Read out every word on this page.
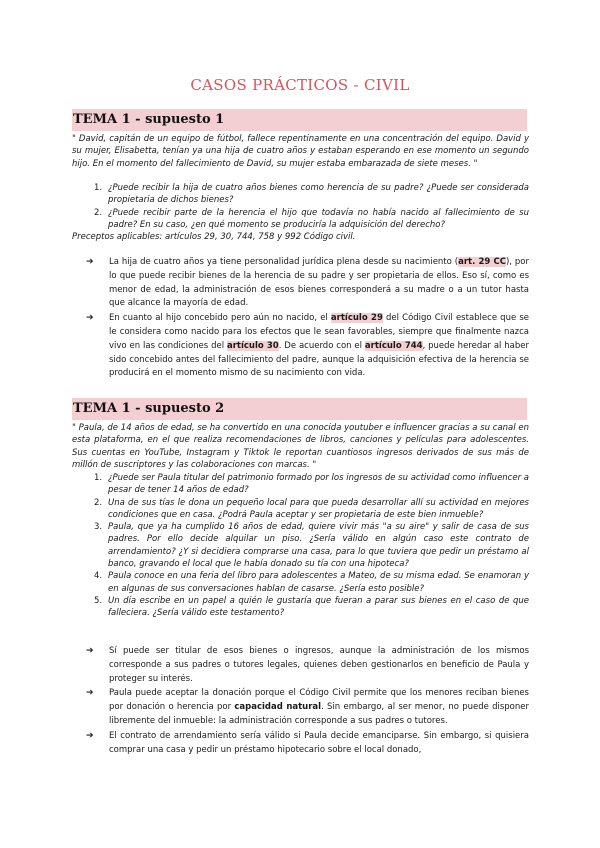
CASOS PRÁCTICOS - CIVIL
TEMA 1 - supuesto 1

" David, capitán de un equipo de fútbol, fallece repentinamente en una concentración del equipo. David y su mujer, Elisabetta, tenían ya una hija de cuatro años y estaban esperando en ese momento un segundo hijo. En el momento del fallecimiento de David, su mujer estaba embarazada de siete meses. "

1. ¿Puede recibir la hija de cuatro años bienes como herencia de su padre? ¿Puede ser considerada propietaria de dichos bienes?
2. ¿Puede recibir parte de la herencia el hijo que todavía no había nacido al fallecimiento de su padre? En su caso, ¿en qué momento se produciría la adquisición del derecho?

Preceptos aplicables: artículos 29, 30, 744, 758 y 992 Código civil.

➔ La hija de cuatro años ya tiene personalidad jurídica plena desde su nacimiento (art. 29 CC), por lo que puede recibir bienes de la herencia de su padre y ser propietaria de ellos. Eso sí, como es menor de edad, la administración de esos bienes corresponderá a su madre o a un tutor hasta que alcance la mayoría de edad.
➔ En cuanto al hijo concebido pero aún no nacido, el artículo 29 del Código Civil establece que se le considera como nacido para los efectos que le sean favorables, siempre que finalmente nazca vivo en las condiciones del artículo 30. De acuerdo con el artículo 744, puede heredar al haber sido concebido antes del fallecimiento del padre, aunque la adquisición efectiva de la herencia se producirá en el momento mismo de su nacimiento con vida.
TEMA 1 - supuesto 2

" Paula, de 14 años de edad, se ha convertido en una conocida youtuber e influencer gracias a su canal en esta plataforma, en el que realiza recomendaciones de libros, canciones y películas para adolescentes. Sus cuentas en YouTube, Instagram y Tiktok le reportan cuantiosos ingresos derivados de sus más de millón de suscriptores y las colaboraciones con marcas. "

1. ¿Puede ser Paula titular del patrimonio formado por los ingresos de su actividad como influencer a pesar de tener 14 años de edad?
2. Una de sus tías le dona un pequeño local para que pueda desarrollar allí su actividad en mejores condiciones que en casa. ¿Podrá Paula aceptar y ser propietaria de este bien inmueble?
3. Paula, que ya ha cumplido 16 años de edad, quiere vivir más "a su aire" y salir de casa de sus padres. Por ello decide alquilar un piso. ¿Sería válido en algún caso este contrato de arrendamiento? ¿Y si decidiera comprarse una casa, para lo que tuviera que pedir un préstamo al banco, gravando el local que le había donado su tía con una hipoteca?
4. Paula conoce en una feria del libro para adolescentes a Mateo, de su misma edad. Se enamoran y en algunas de sus conversaciones hablan de casarse. ¿Sería esto posible?
5. Un día escribe en un papel a quién le gustaría que fueran a parar sus bienes en el caso de que falleciera. ¿Sería válido este testamento?
➔ Sí puede ser titular de esos bienes o ingresos, aunque la administración de los mismos corresponde a sus padres o tutores legales, quienes deben gestionarlos en beneficio de Paula y proteger su interés.
➔ Paula puede aceptar la donación porque el Código Civil permite que los menores reciban bienes por donación o herencia por capacidad natural. Sin embargo, al ser menor, no puede disponer libremente del inmueble: la administración corresponde a sus padres o tutores.
➔ El contrato de arrendamiento sería válido si Paula decide emanciparse. Sin embargo, si quisiera comprar una casa y pedir un préstamo hipotecario sobre el local donado,
